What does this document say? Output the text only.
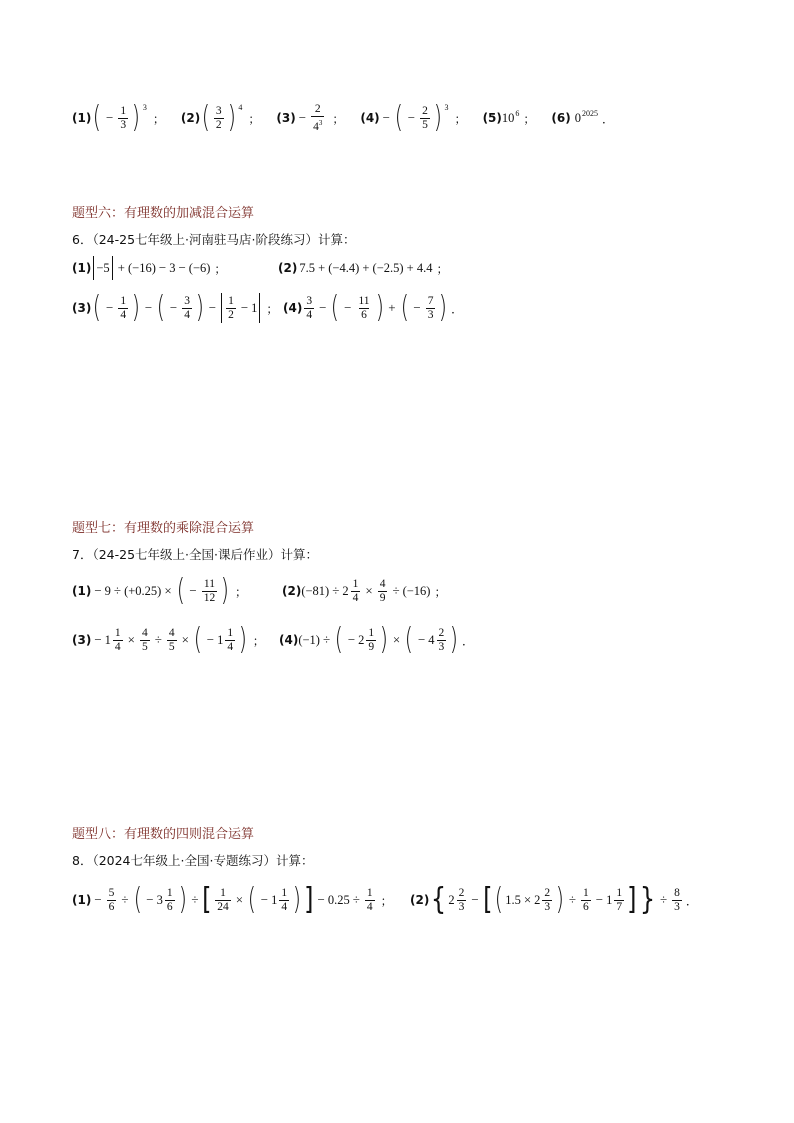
(1) ( − $\frac{1}{3}$ ) 3
； (2) ( $\frac{3}{2}$ ) 4
； $(3) - \frac{2}{4^3}$ ； (4) − ( − $\frac{2}{5}$ ) 3
； (5) 10 6 ； (6) 0 2025 ．
题型六：有理数的加减混合运算
6．（24-25七年级上·河南驻马店·阶段练习）计算：
(1) −5 + (−16) − 3 − (−6) ；	(2) 7.5 + (−4.4) + (−2.5) + 4.4 ；
(3) ( − $\frac{1}{4}$ ) − ( − $\frac{3}{4}$ ) − $\frac{1}{2} - 1$ ； $(4) \frac{3}{4}$ − ( − $\frac{11}{6}$ ) + ( − $\frac{7}{3}$ ) ．
题型七：有理数的乘除混合运算
7．（24-25七年级上·全国·课后作业）计算：
(1) − 9 ÷ (+0.25) × ( − $\frac{11}{12}$ ) ；	(2) $(-81) \div 2 \frac{1}{4} \times \frac{4}{9} \div (-16)$ ；
$(3) - 1 \frac{1}{4} \times \frac{4}{5} \div \frac{4}{5}$ × ( − $1 \frac{1}{4}$ ) ； (4) (−1) ÷ ( − $2 \frac{1}{9}$ ) × ( − $4 \frac{2}{3}$ ) ．
题型八：有理数的四则混合运算
8．（2024七年级上·全国·专题练习）计算：
$(1) - \frac{5}{6}$ ÷ ( − $3 \frac{1}{6}$ ) ÷ [ $\frac{1}{24}$ × ( − $1 \frac{1}{4}$ ) ] − $0.25 \div \frac{1}{4}$ ； (2) { $2 \frac{2}{3}$ − [ ( $1.5 \times 2 \frac{2}{3}$ ) ÷ $\frac{1}{6} - 1 \frac{1}{7}$ ] } ÷ $\frac{8}{3}$ ．
